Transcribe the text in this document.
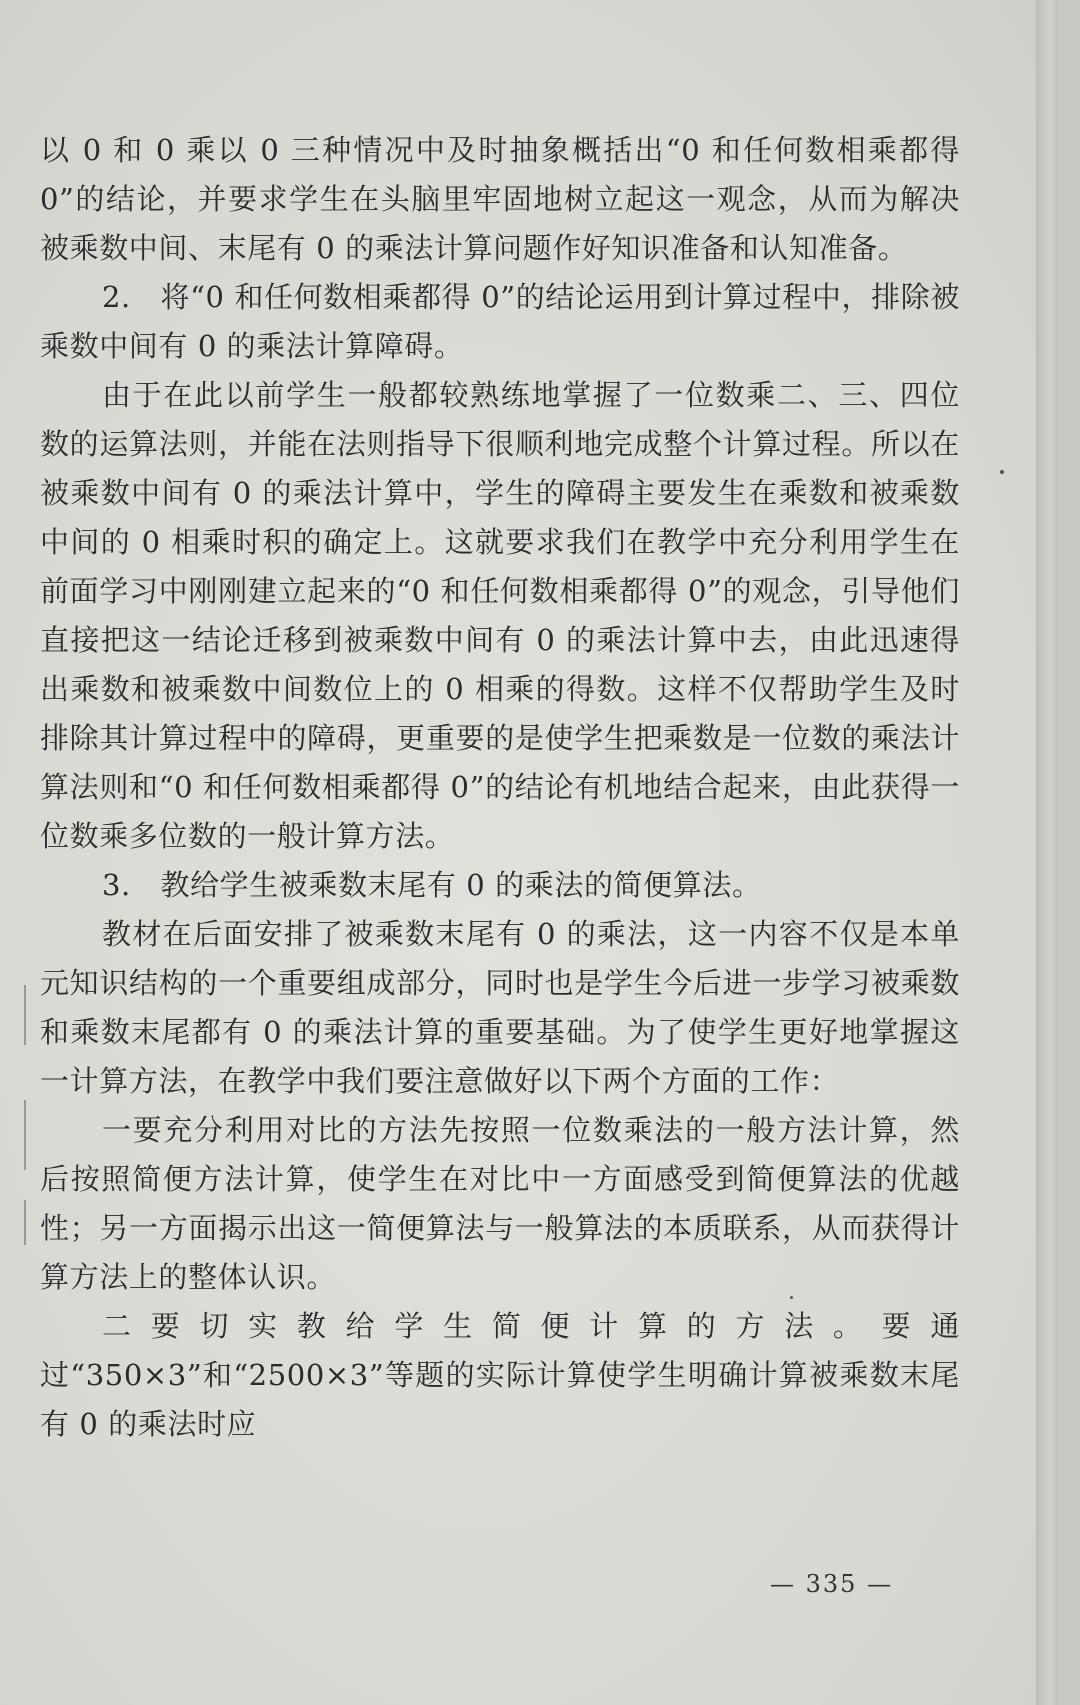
以 0 和 0 乘以 0 三种情况中及时抽象概括出“0 和任何数相乘都得 0”的结论，并要求学生在头脑里牢固地树立起这一观念，从而为解决被乘数中间、末尾有 0 的乘法计算问题作好知识准备和认知准备。

2.　将“0 和任何数相乘都得 0”的结论运用到计算过程中，排除被乘数中间有 0 的乘法计算障碍。

由于在此以前学生一般都较熟练地掌握了一位数乘二、三、四位数的运算法则，并能在法则指导下很顺利地完成整个计算过程。所以在被乘数中间有 0 的乘法计算中，学生的障碍主要发生在乘数和被乘数中间的 0 相乘时积的确定上。这就要求我们在教学中充分利用学生在前面学习中刚刚建立起来的“0 和任何数相乘都得 0”的观念，引导他们直接把这一结论迁移到被乘数中间有 0 的乘法计算中去，由此迅速得出乘数和被乘数中间数位上的 0 相乘的得数。这样不仅帮助学生及时排除其计算过程中的障碍，更重要的是使学生把乘数是一位数的乘法计算法则和“0 和任何数相乘都得 0”的结论有机地结合起来，由此获得一位数乘多位数的一般计算方法。

3.　教给学生被乘数末尾有 0 的乘法的简便算法。

教材在后面安排了被乘数末尾有 0 的乘法，这一内容不仅是本单元知识结构的一个重要组成部分，同时也是学生今后进一步学习被乘数和乘数末尾都有 0 的乘法计算的重要基础。为了使学生更好地掌握这一计算方法，在教学中我们要注意做好以下两个方面的工作：

一要充分利用对比的方法先按照一位数乘法的一般方法计算，然后按照简便方法计算，使学生在对比中一方面感受到简便算法的优越性；另一方面揭示出这一简便算法与一般算法的本质联系，从而获得计算方法上的整体认识。

二要切实教给学生简便计算的方法。要通过“350×3”和“2500×3”等题的实际计算使学生明确计算被乘数末尾有 0 的乘法时应

— 335 —
